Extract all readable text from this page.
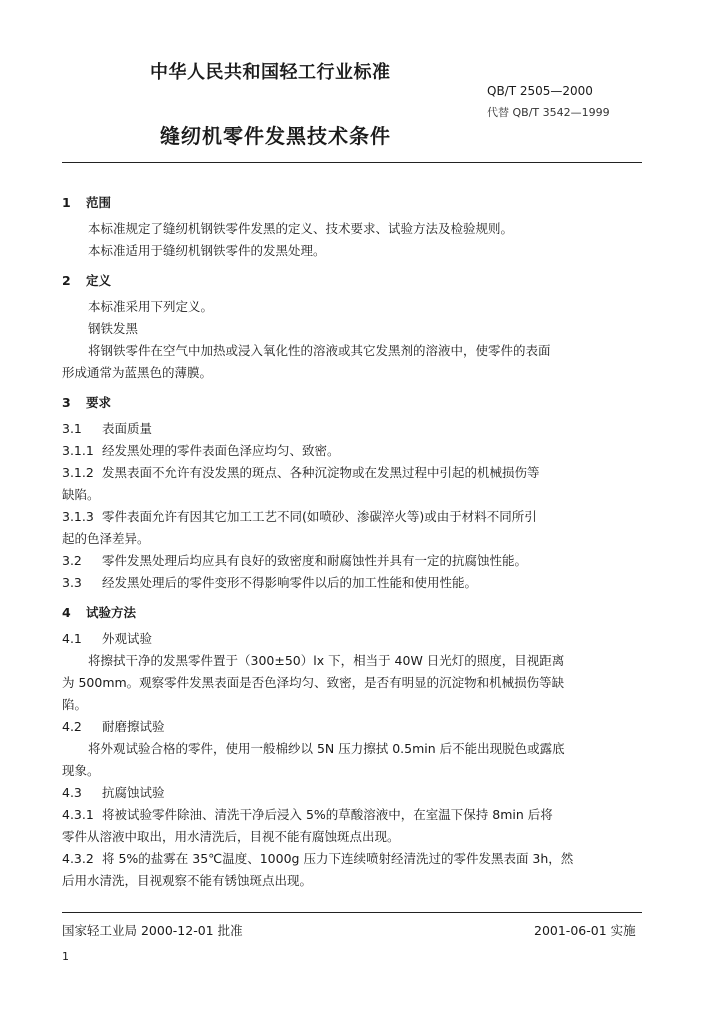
中华人民共和国轻工行业标准
QB/T 2505—2000
代替 QB/T 3542—1999
缝纫机零件发黑技术条件
1 范围

本标准规定了缝纫机钢铁零件发黑的定义、技术要求、试验方法及检验规则。

本标准适用于缝纫机钢铁零件的发黑处理。

2 定义

本标准采用下列定义。

钢铁发黑

将钢铁零件在空气中加热或浸入氧化性的溶液或其它发黑剂的溶液中，使零件的表面

形成通常为蓝黑色的薄膜。

3 要求

3.1 表面质量

3.1.1 经发黑处理的零件表面色泽应均匀、致密。

3.1.2 发黑表面不允许有没发黑的斑点、各种沉淀物或在发黑过程中引起的机械损伤等

缺陷。

3.1.3 零件表面允许有因其它加工工艺不同(如喷砂、渗碳淬火等)或由于材料不同所引

起的色泽差异。

3.2 零件发黑处理后均应具有良好的致密度和耐腐蚀性并具有一定的抗腐蚀性能。

3.3 经发黑处理后的零件变形不得影响零件以后的加工性能和使用性能。

4 试验方法

4.1 外观试验

将擦拭干净的发黑零件置于（300±50）lx 下，相当于 40W 日光灯的照度，目视距离

为 500mm。观察零件发黑表面是否色泽均匀、致密，是否有明显的沉淀物和机械损伤等缺

陷。

4.2 耐磨擦试验

将外观试验合格的零件，使用一般棉纱以 5N 压力擦拭 0.5min 后不能出现脱色或露底

现象。

4.3 抗腐蚀试验

4.3.1 将被试验零件除油、清洗干净后浸入 5%的草酸溶液中，在室温下保持 8min 后将

零件从溶液中取出，用水清洗后，目视不能有腐蚀斑点出现。

4.3.2 将 5%的盐雾在 35℃温度、1000g 压力下连续喷射经清洗过的零件发黑表面 3h，然

后用水清洗，目视观察不能有锈蚀斑点出现。

国家轻工业局 2000-12-01 批准	2001-06-01 实施
1
